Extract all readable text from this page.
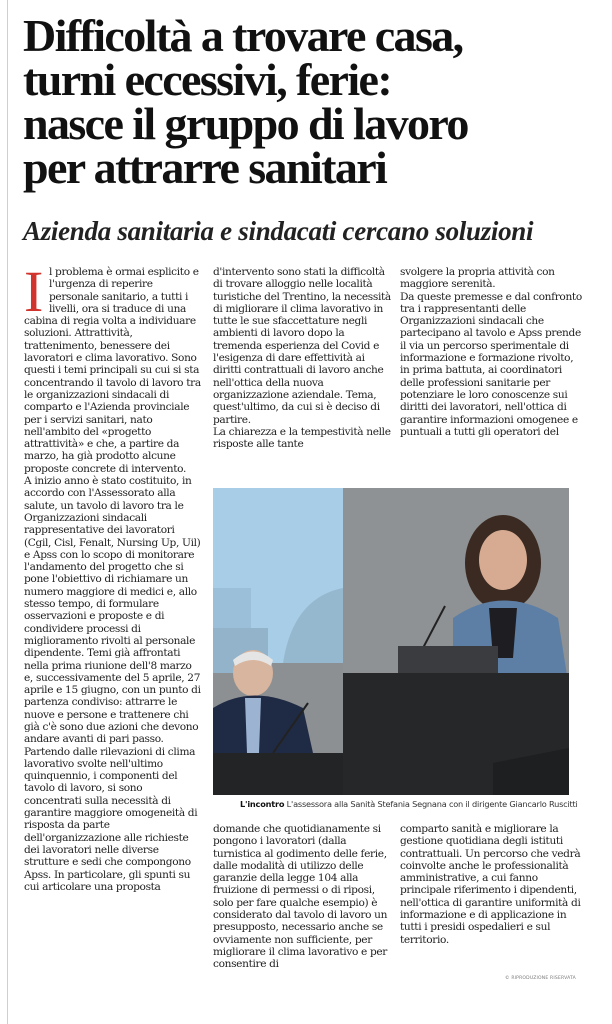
Difficoltà a trovare casa,
turni eccessivi, ferie:
nasce il gruppo di lavoro
per attrarre sanitari
Azienda sanitaria e sindacati cercano soluzioni

Il problema è ormai esplicito e l'urgenza di reperire personale sanitario, a tutti i livelli, ora si traduce di una cabina di regia volta a individuare soluzioni. Attrattività, trattenimento, benessere dei lavoratori e clima lavorativo. Sono questi i temi principali su cui si sta concentrando il tavolo di lavoro tra le organizzazioni sindacali di comparto e l'Azienda provinciale per i servizi sanitari, nato nell'ambito del «progetto attrattività» e che, a partire da marzo, ha già prodotto alcune proposte concrete di intervento.

A inizio anno è stato costituito, in accordo con l'Assessorato alla salute, un tavolo di lavoro tra le Organizzazioni sindacali rappresentative dei lavoratori (Cgil, Cisl, Fenalt, Nursing Up, Uil) e Apss con lo scopo di monitorare l'andamento del progetto che si pone l'obiettivo di richiamare un numero maggiore di medici e, allo stesso tempo, di formulare osservazioni e proposte e di condividere processi di miglioramento rivolti al personale dipendente. Temi già affrontati nella prima riunione dell'8 marzo e, successivamente del 5 aprile, 27 aprile e 15 giugno, con un punto di partenza condiviso: attrarre le nuove e persone e trattenere chi già c'è sono due azioni che devono andare avanti di pari passo.

Partendo dalle rilevazioni di clima lavorativo svolte nell'ultimo quinquennio, i componenti del tavolo di lavoro, si sono concentrati sulla necessità di garantire maggiore omogeneità di risposta da parte dell'organizzazione alle richieste dei lavoratori nelle diverse strutture e sedi che compongono Apss. In particolare, gli spunti su cui articolare una proposta

d'intervento sono stati la difficoltà di trovare alloggio nelle località turistiche del Trentino, la necessità di migliorare il clima lavorativo in tutte le sue sfaccettature negli ambienti di lavoro dopo la tremenda esperienza del Covid e l'esigenza di dare effettività ai diritti contrattuali di lavoro anche nell'ottica della nuova organizzazione aziendale. Tema, quest'ultimo, da cui si è deciso di partire.

La chiarezza e la tempestività nelle risposte alle tante

svolgere la propria attività con maggiore serenità.

Da queste premesse e dal confronto tra i rappresentanti delle Organizzazioni sindacali che partecipano al tavolo e Apss prende il via un percorso sperimentale di informazione e formazione rivolto, in prima battuta, ai coordinatori delle professioni sanitarie per potenziare le loro conoscenze sui diritti dei lavoratori, nell'ottica di garantire informazioni omogenee e puntuali a tutti gli operatori del

L'incontro L'assessora alla Sanità Stefania Segnana con il dirigente Giancarlo Ruscitti

domande che quotidianamente si pongono i lavoratori (dalla turnistica al godimento delle ferie, dalle modalità di utilizzo delle garanzie della legge 104 alla fruizione di permessi o di riposi, solo per fare qualche esempio) è considerato dal tavolo di lavoro un presupposto, necessario anche se ovviamente non sufficiente, per migliorare il clima lavorativo e per consentire di

comparto sanità e migliorare la gestione quotidiana degli istituti contrattuali. Un percorso che vedrà coinvolte anche le professionalità amministrative, a cui fanno principale riferimento i dipendenti, nell'ottica di garantire uniformità di informazione e di applicazione in tutti i presidi ospedalieri e sul territorio.

© RIPRODUZIONE RISERVATA
